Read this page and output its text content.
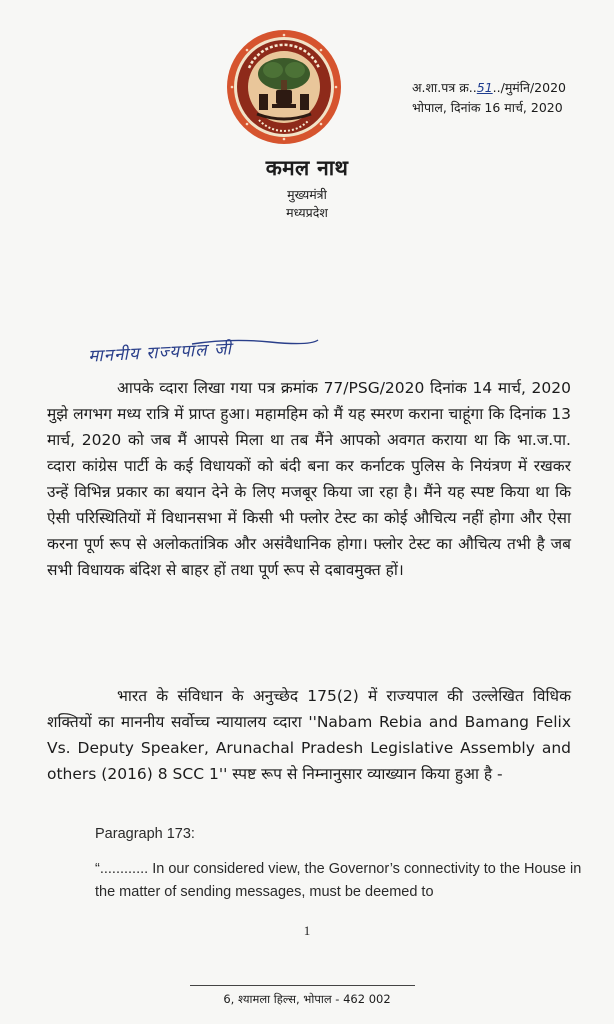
अ.शा.पत्र क्र..51../मुमंनि/2020
भोपाल, दिनांक 16 मार्च, 2020
कमल नाथ
मुख्यमंत्री
मध्यप्रदेश
माननीय राज्यपाल जी

आपके व्दारा लिखा गया पत्र क्रमांक 77/PSG/2020 दिनांक 14 मार्च, 2020 मुझे लगभग मध्य रात्रि में प्राप्त हुआ। महामहिम को मैं यह स्मरण कराना चाहूंगा कि दिनांक 13 मार्च, 2020 को जब मैं आपसे मिला था तब मैंने आपको अवगत कराया था कि भा.ज.पा. व्दारा कांग्रेस पार्टी के कई विधायकों को बंदी बना कर कर्नाटक पुलिस के नियंत्रण में रखकर उन्हें विभिन्न प्रकार का बयान देने के लिए मजबूर किया जा रहा है। मैंने यह स्पष्ट किया था कि ऐसी परिस्थितियों में विधानसभा में किसी भी फ्लोर टेस्ट का कोई औचित्य नहीं होगा और ऐसा करना पूर्ण रूप से अलोकतांत्रिक और असंवैधानिक होगा। फ्लोर टेस्ट का औचित्य तभी है जब सभी विधायक बंदिश से बाहर हों तथा पूर्ण रूप से दबावमुक्त हों।

भारत के संविधान के अनुच्छेद 175(2) में राज्यपाल की उल्लेखित विधिक शक्तियों का माननीय सर्वोच्च न्यायालय व्दारा ''Nabam Rebia and Bamang Felix Vs. Deputy Speaker, Arunachal Pradesh Legislative Assembly and others (2016) 8 SCC 1'' स्पष्ट रूप से निम्नानुसार व्याख्यान किया हुआ है -

Paragraph 173:
“............ In our considered view, the Governor’s connectivity to the House in the matter of sending messages, must be deemed to
1
6, श्यामला हिल्स, भोपाल - 462 002
